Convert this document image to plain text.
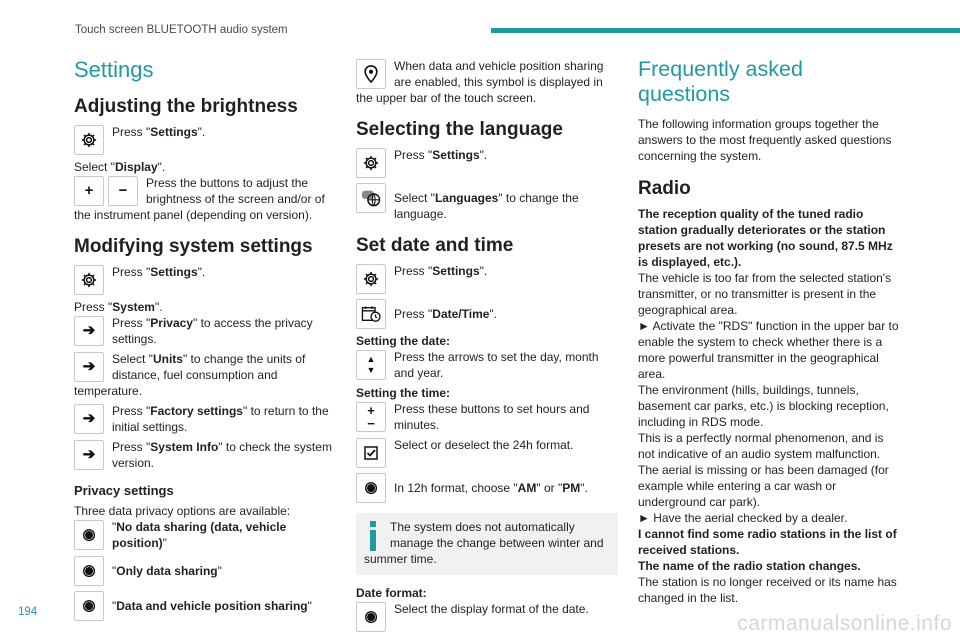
Touch screen BLUETOOTH audio system
Settings
Adjusting the brightness

Press "Settings".

Select "Display".

+ −	Press the buttons to adjust the brightness of the screen and/or of the instrument panel (depending on version).

Modifying system settings

Press "Settings".

Press "System".

➔	Press "Privacy" to access the privacy settings.

➔	Select "Units" to change the units of distance, fuel consumption and temperature.

➔	Press "Factory settings" to return to the initial settings.

➔	Press "System Info" to check the system version.

Privacy settings

Three data privacy options are available:

◉	"No data sharing (data, vehicle position)"

◉	"Only data sharing"

◉	"Data and vehicle position sharing"

When data and vehicle position sharing are enabled, this symbol is displayed in the upper bar of the touch screen.

Selecting the language

Press "Settings".

Select "Languages" to change the language.

Set date and time

Press "Settings".

Press "Date/Time".

Setting the date:

▲
▼

Press the arrows to set the day, month and year.

Setting the time:

+
−

Press these buttons to set hours and minutes.

Select or deselect the 24h format.

◉	In 12h format, choose "AM" or "PM".

The system does not automatically manage the change between winter and summer time.

Date format:

◉	Select the display format of the date.

Frequently asked questions

The following information groups together the answers to the most frequently asked questions concerning the system.

Radio

The reception quality of the tuned radio station gradually deteriorates or the station presets are not working (no sound, 87.5 MHz is displayed, etc.).

The vehicle is too far from the selected station's transmitter, or no transmitter is present in the geographical area.

► Activate the "RDS" function in the upper bar to enable the system to check whether there is a more powerful transmitter in the geographical area.

The environment (hills, buildings, tunnels, basement car parks, etc.) is blocking reception, including in RDS mode.

This is a perfectly normal phenomenon, and is not indicative of an audio system malfunction.

The aerial is missing or has been damaged (for example while entering a car wash or underground car park).

► Have the aerial checked by a dealer.

I cannot find some radio stations in the list of received stations.

The name of the radio station changes.

The station is no longer received or its name has changed in the list.

194	carmanualsonline.info
